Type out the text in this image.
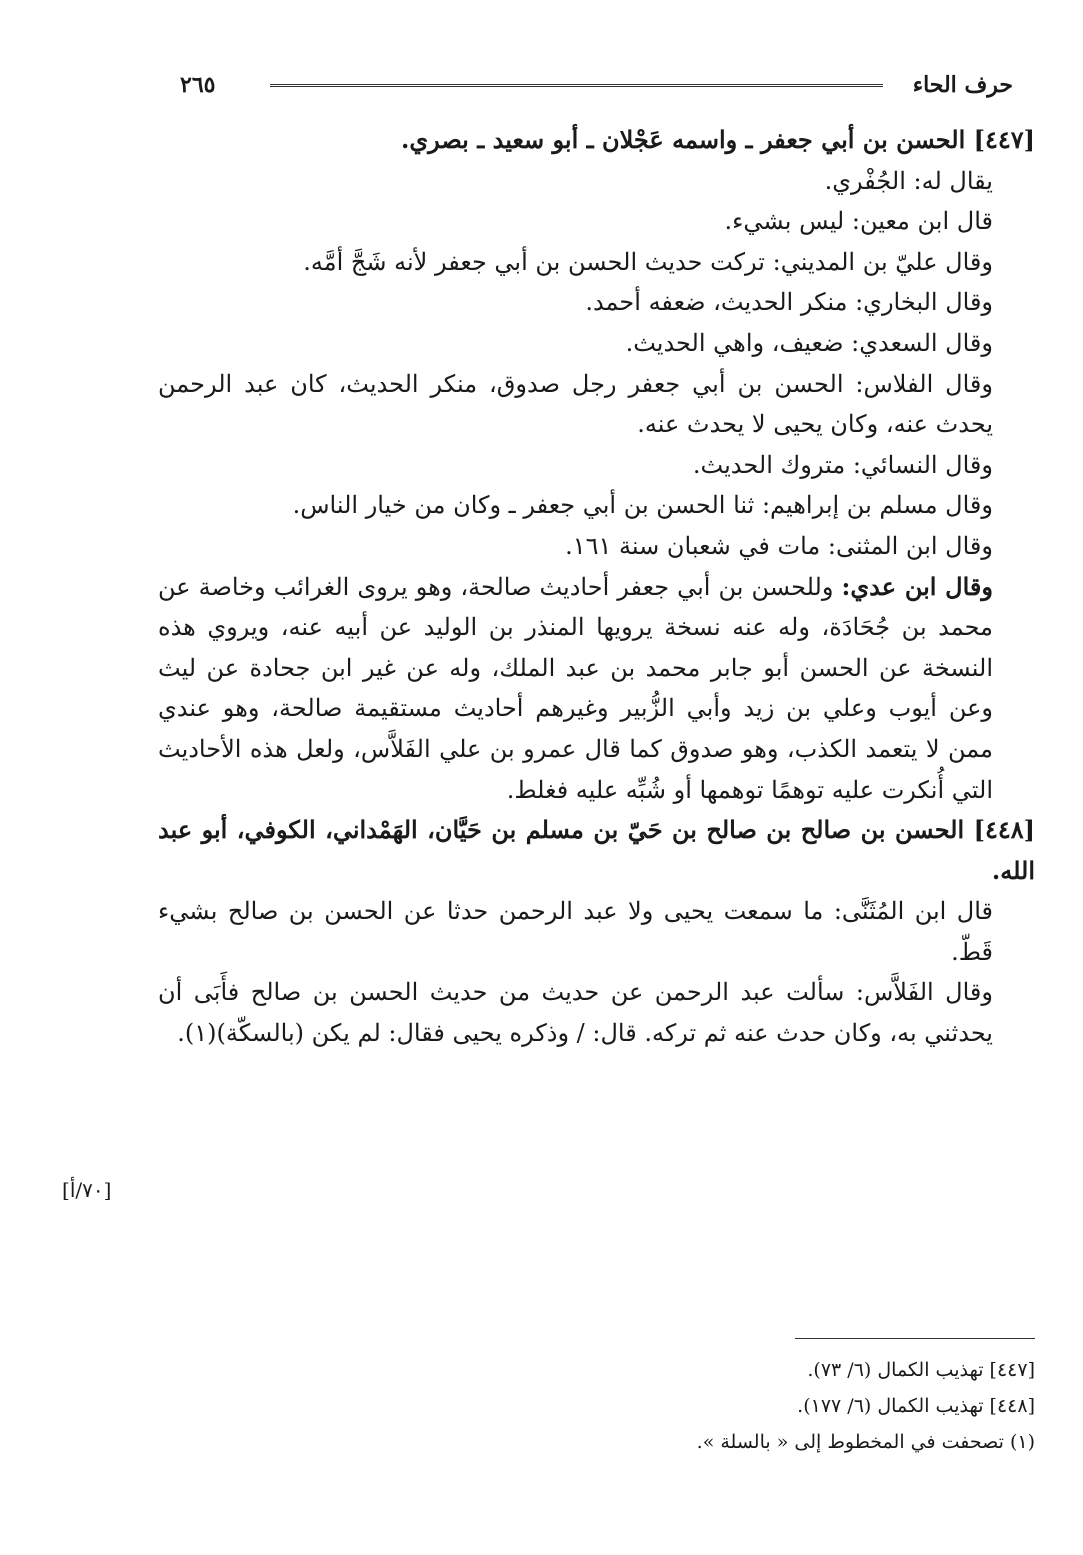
حرف الحاء
٢٦٥

[٤٤٧] الحسن بن أبي جعفر ـ واسمه عَجْلان ـ أبو سعيد ـ بصري.

يقال له: الجُفْري.

قال ابن معين: ليس بشيء.

وقال عليّ بن المديني: تركت حديث الحسن بن أبي جعفر لأنه شَجَّ أمَّه.

وقال البخاري: منكر الحديث، ضعفه أحمد.

وقال السعدي: ضعيف، واهي الحديث.

وقال الفلاس: الحسن بن أبي جعفر رجل صدوق، منكر الحديث، كان عبد الرحمن يحدث عنه، وكان يحيى لا يحدث عنه.

وقال النسائي: متروك الحديث.

وقال مسلم بن إبراهيم: ثنا الحسن بن أبي جعفر ـ وكان من خيار الناس.

وقال ابن المثنى: مات في شعبان سنة ١٦١.

وقال ابن عدي: وللحسن بن أبي جعفر أحاديث صالحة، وهو يروى الغرائب وخاصة عن محمد بن جُحَادَة، وله عنه نسخة يرويها المنذر بن الوليد عن أبيه عنه، ويروي هذه النسخة عن الحسن أبو جابر محمد بن عبد الملك، وله عن غير ابن جحادة عن ليث وعن أيوب وعلي بن زيد وأبي الزُّبير وغيرهم أحاديث مستقيمة صالحة، وهو عندي ممن لا يتعمد الكذب، وهو صدوق كما قال عمرو بن علي الفَلاَّس، ولعل هذه الأحاديث التي أُنكرت عليه توهمًا توهمها أو شُبِّه عليه فغلط.

[٤٤٨] الحسن بن صالح بن صالح بن حَيّ بن مسلم بن حَيَّان، الهَمْداني، الكوفي، أبو عبد الله.

قال ابن المُثَنَّى: ما سمعت يحيى ولا عبد الرحمن حدثا عن الحسن بن صالح بشيء قَطّ.

وقال الفَلاَّس: سألت عبد الرحمن عن حديث من حديث الحسن بن صالح فأَبَى أن يحدثني به، وكان حدث عنه ثم تركه. قال: / وذكره يحيى فقال: لم يكن (بالسكّة)(١).

[٧٠/أ]

[٤٤٧] تهذيب الكمال (٦/ ٧٣).

[٤٤٨] تهذيب الكمال (٦/ ١٧٧).

(١) تصحفت في المخطوط إلى « بالسلة ».
